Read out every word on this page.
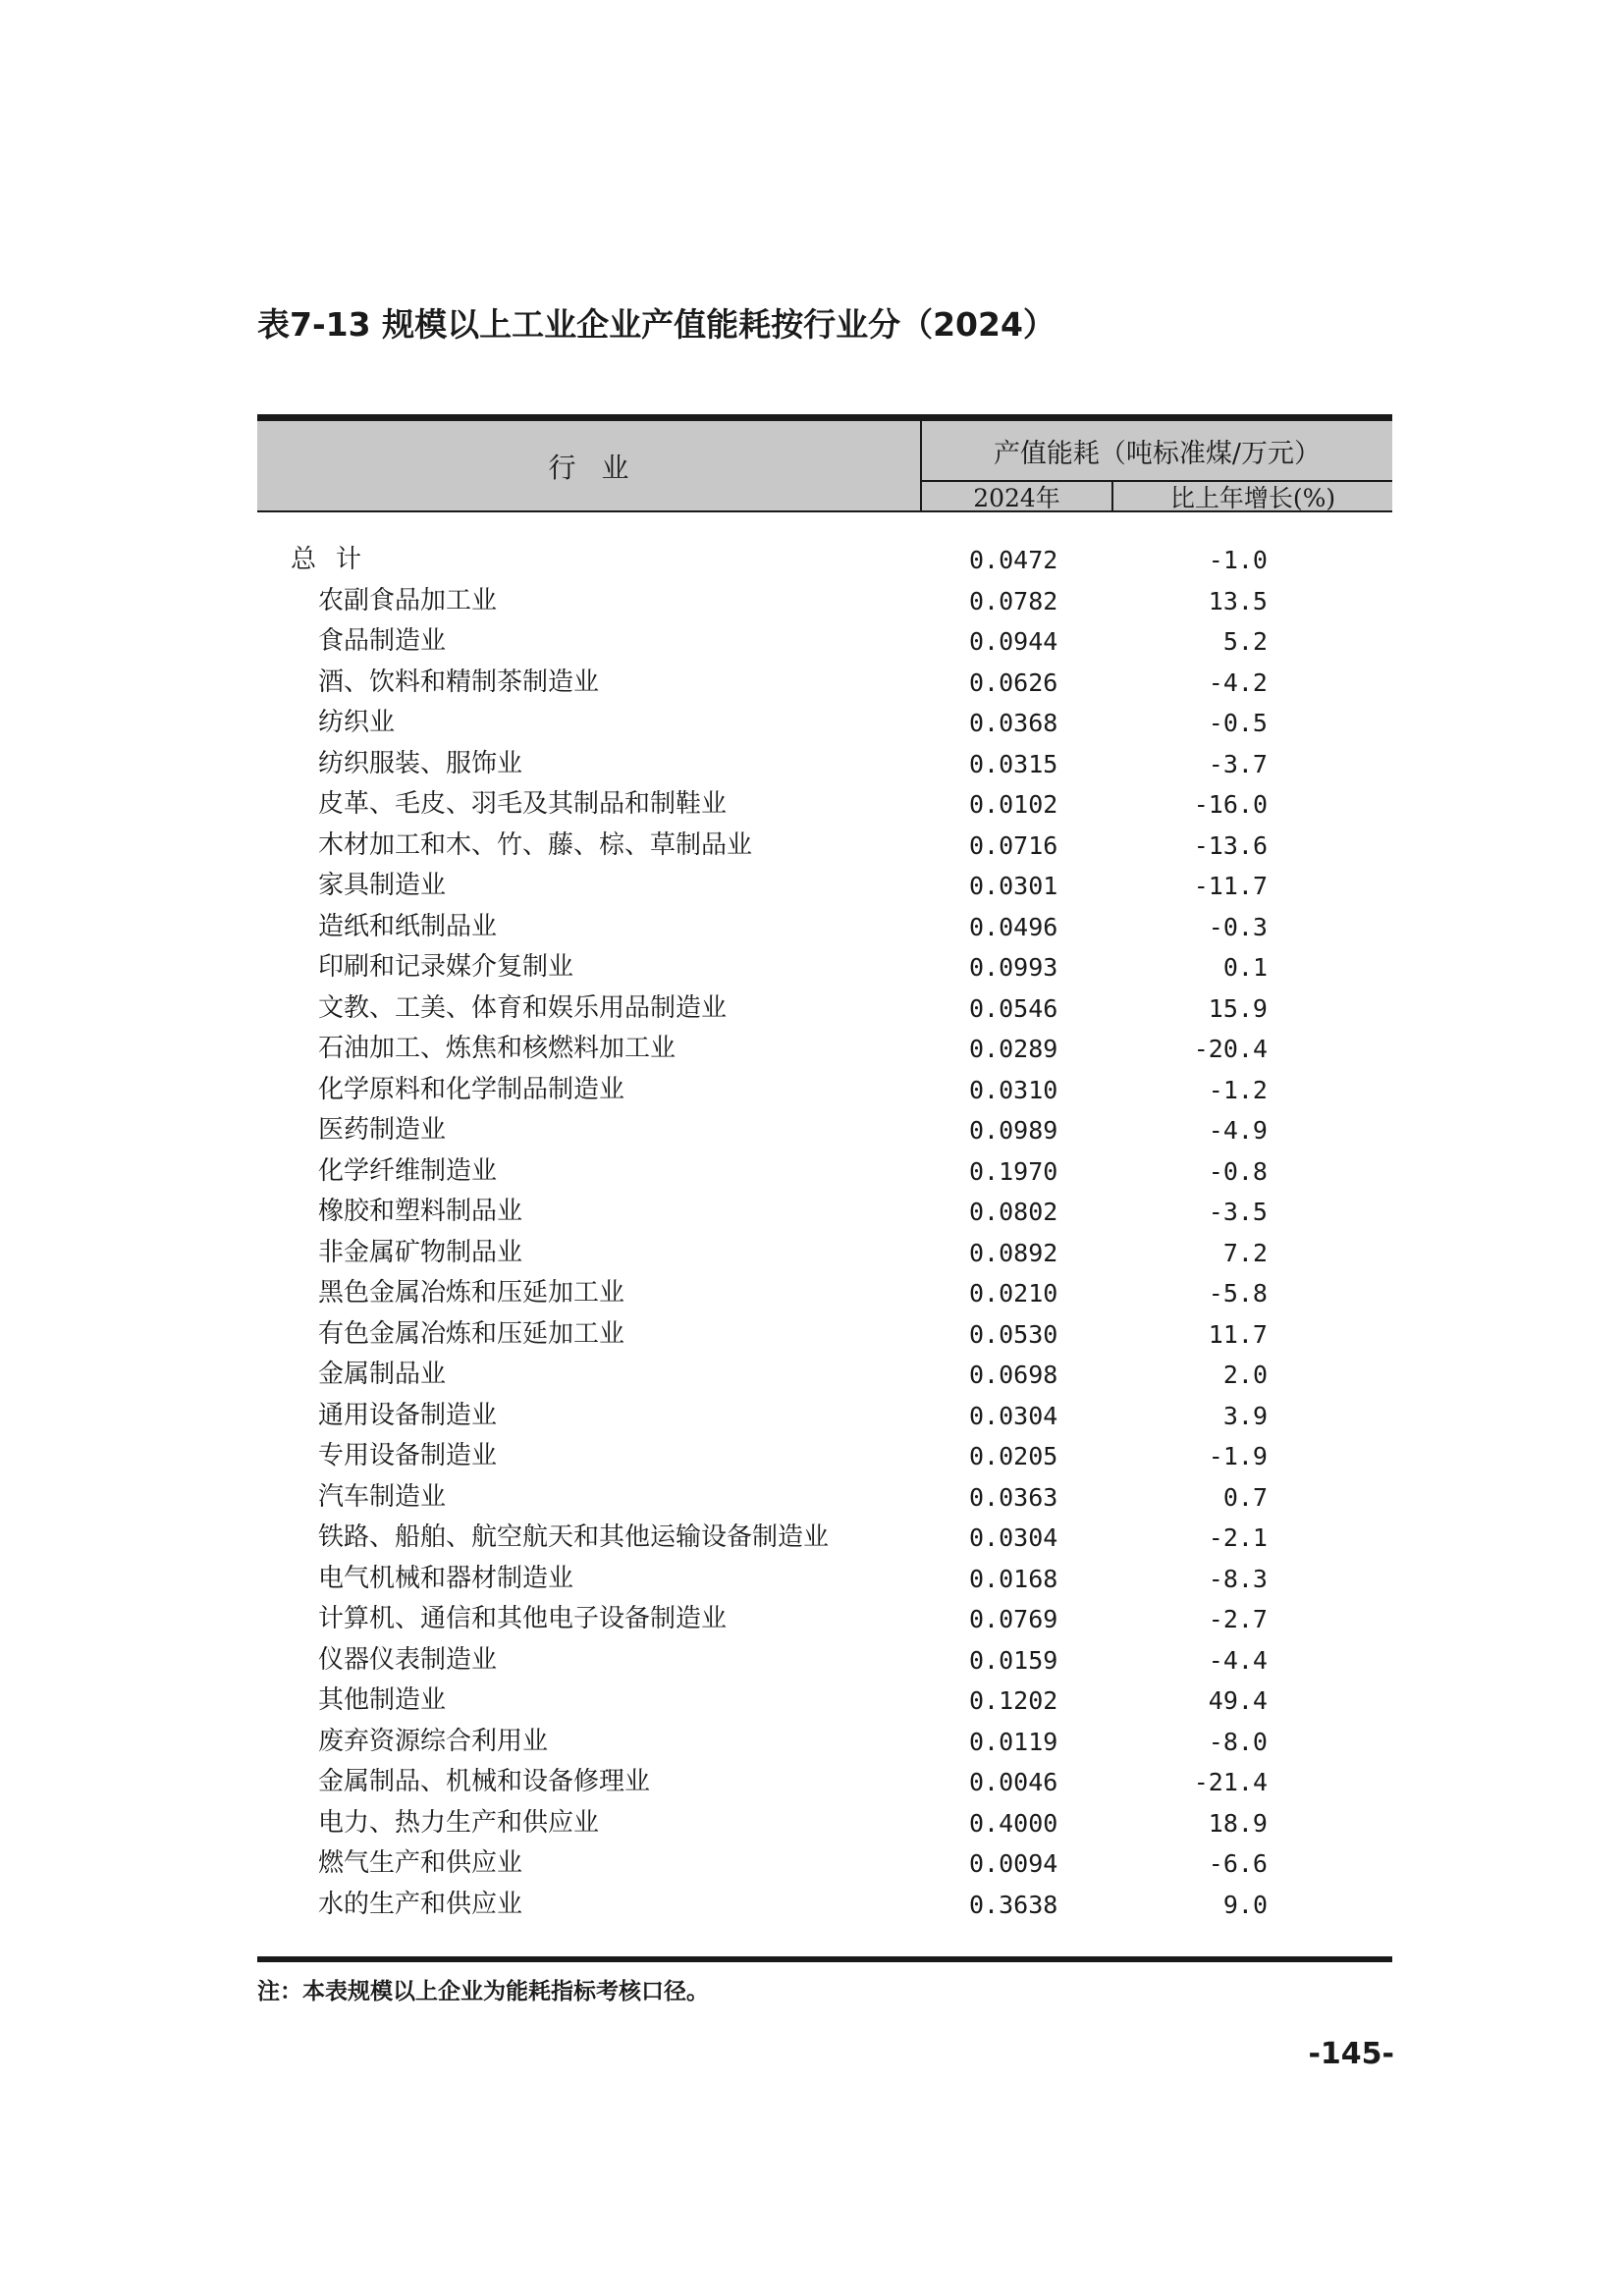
表7-13 规模以上工业企业产值能耗按行业分（2024）
行业	产值能耗（吨标准煤/万元）
2024年	比上年增长(%)
总计	0.0472	-1.0
农副食品加工业	0.0782	13.5
食品制造业	0.0944	5.2
酒、饮料和精制茶制造业	0.0626	-4.2
纺织业	0.0368	-0.5
纺织服装、服饰业	0.0315	-3.7
皮革、毛皮、羽毛及其制品和制鞋业	0.0102	-16.0
木材加工和木、竹、藤、棕、草制品业	0.0716	-13.6
家具制造业	0.0301	-11.7
造纸和纸制品业	0.0496	-0.3
印刷和记录媒介复制业	0.0993	0.1
文教、工美、体育和娱乐用品制造业	0.0546	15.9
石油加工、炼焦和核燃料加工业	0.0289	-20.4
化学原料和化学制品制造业	0.0310	-1.2
医药制造业	0.0989	-4.9
化学纤维制造业	0.1970	-0.8
橡胶和塑料制品业	0.0802	-3.5
非金属矿物制品业	0.0892	7.2
黑色金属冶炼和压延加工业	0.0210	-5.8
有色金属冶炼和压延加工业	0.0530	11.7
金属制品业	0.0698	2.0
通用设备制造业	0.0304	3.9
专用设备制造业	0.0205	-1.9
汽车制造业	0.0363	0.7
铁路、船舶、航空航天和其他运输设备制造业	0.0304	-2.1
电气机械和器材制造业	0.0168	-8.3
计算机、通信和其他电子设备制造业	0.0769	-2.7
仪器仪表制造业	0.0159	-4.4
其他制造业	0.1202	49.4
废弃资源综合利用业	0.0119	-8.0
金属制品、机械和设备修理业	0.0046	-21.4
电力、热力生产和供应业	0.4000	18.9
燃气生产和供应业	0.0094	-6.6
水的生产和供应业	0.3638	9.0

注：本表规模以上企业为能耗指标考核口径。

-145-
